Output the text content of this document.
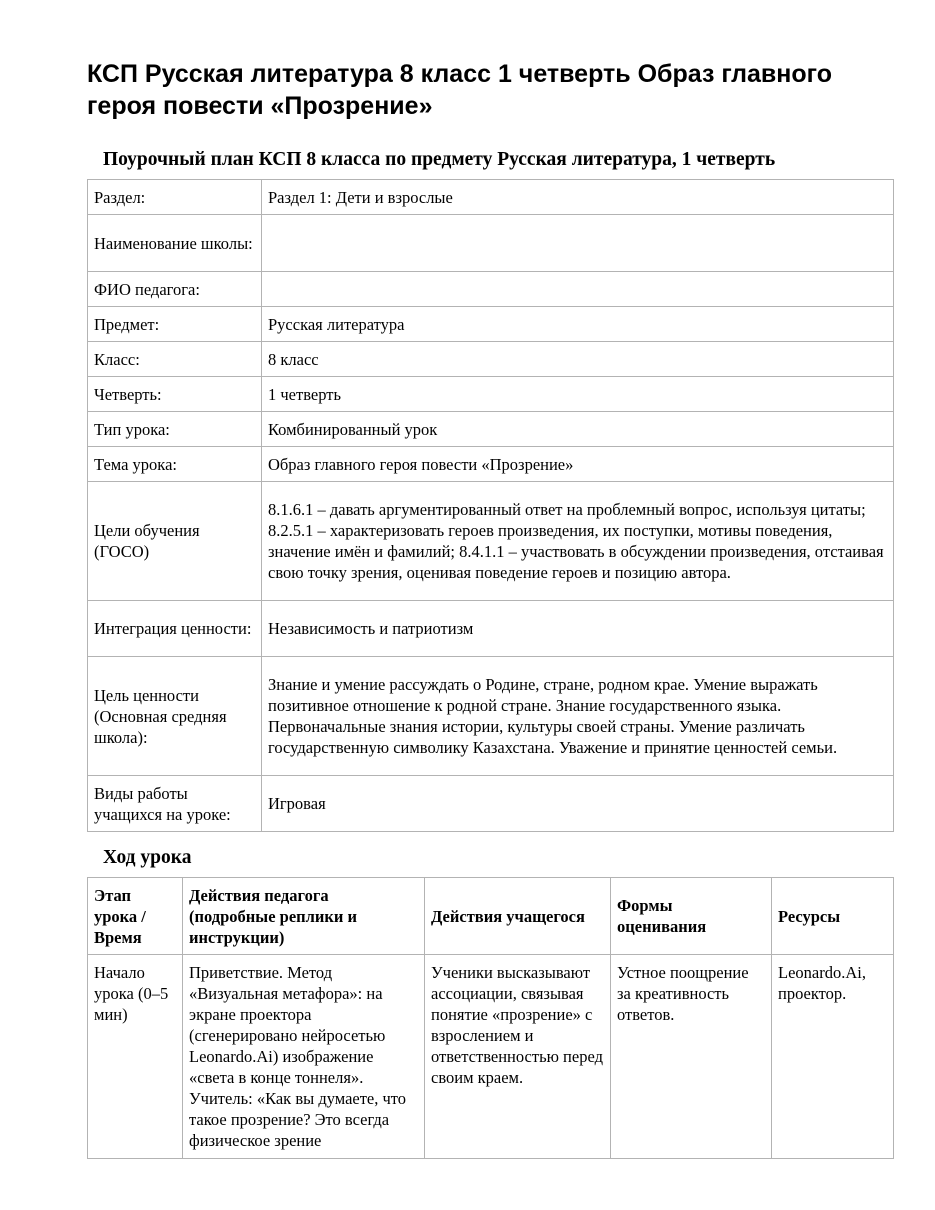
КСП Русская литература 8 класс 1 четверть Образ главного героя повести «Прозрение»
Поурочный план КСП 8 класса по предмету Русская литература, 1 четверть
Раздел:	Раздел 1: Дети и взрослые
Наименование школы:	
ФИО педагога:	
Предмет:	Русская литература
Класс:	8 класс
Четверть:	1 четверть
Тип урока:	Комбинированный урок
Тема урока:	Образ главного героя повести «Прозрение»
Цели обучения (ГОСО)	8.1.6.1 – давать аргументированный ответ на проблемный вопрос, используя цитаты; 8.2.5.1 – характеризовать героев произведения, их поступки, мотивы поведения, значение имён и фамилий; 8.4.1.1 – участвовать в обсуждении произведения, отстаивая свою точку зрения, оценивая поведение героев и позицию автора.
Интеграция ценности:	Независимость и патриотизм
Цель ценности (Основная средняя школа):	Знание и умение рассуждать о Родине, стране, родном крае. Умение выражать позитивное отношение к родной стране. Знание государственного языка. Первоначальные знания истории, культуры своей страны. Умение различать государственную символику Казахстана. Уважение и принятие ценностей семьи.
Виды работы учащихся на уроке:	Игровая
Ход урока
Этап урока / Время	Действия педагога (подробные реплики и инструкции)	Действия учащегося	Формы оценивания	Ресурсы
Начало урока (0–5 мин)	Приветствие. Метод «Визуальная метафора»: на экране проектора (сгенерировано нейросетью Leonardo.Ai) изображение «света в конце тоннеля». Учитель: «Как вы думаете, что такое прозрение? Это всегда физическое зрение	Ученики высказывают ассоциации, связывая понятие «прозрение» с взрослением и ответственностью перед своим краем.	Устное поощрение за креативность ответов.	Leonardo.Ai, проектор.
